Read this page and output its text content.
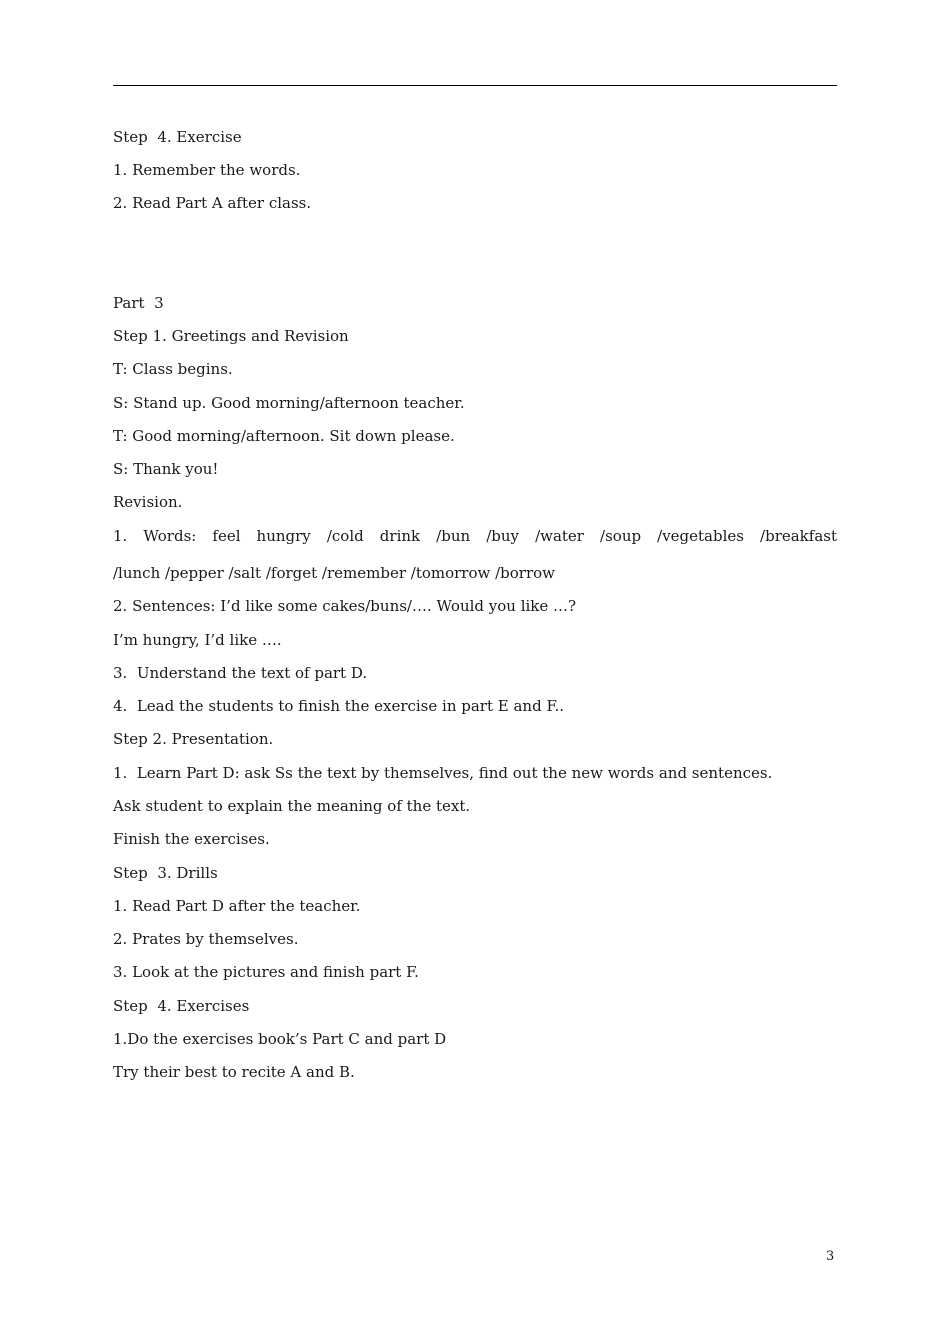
Step  4. Exercise
1. Remember the words.
2. Read Part A after class.
Part  3
Step 1. Greetings and Revision
T: Class begins.
S: Stand up. Good morning/afternoon teacher.
T: Good morning/afternoon. Sit down please.
S: Thank you!
Revision.
1. Words: feel hungry /cold drink /bun /buy /water /soup /vegetables /breakfast
/lunch /pepper /salt /forget /remember /tomorrow /borrow
2. Sentences: I’d like some cakes/buns/…. Would you like …?
I’m hungry, I’d like ….
3.  Understand the text of part D.
4.  Lead the students to finish the exercise in part E and F..
Step 2. Presentation.
1.  Learn Part D: ask Ss the text by themselves, find out the new words and sentences.
Ask student to explain the meaning of the text.
Finish the exercises.
Step  3. Drills
1. Read Part D after the teacher.
2. Prates by themselves.
3. Look at the pictures and finish part F.
Step  4. Exercises
1.Do the exercises book’s Part C and part D
Try their best to recite A and B.
3
